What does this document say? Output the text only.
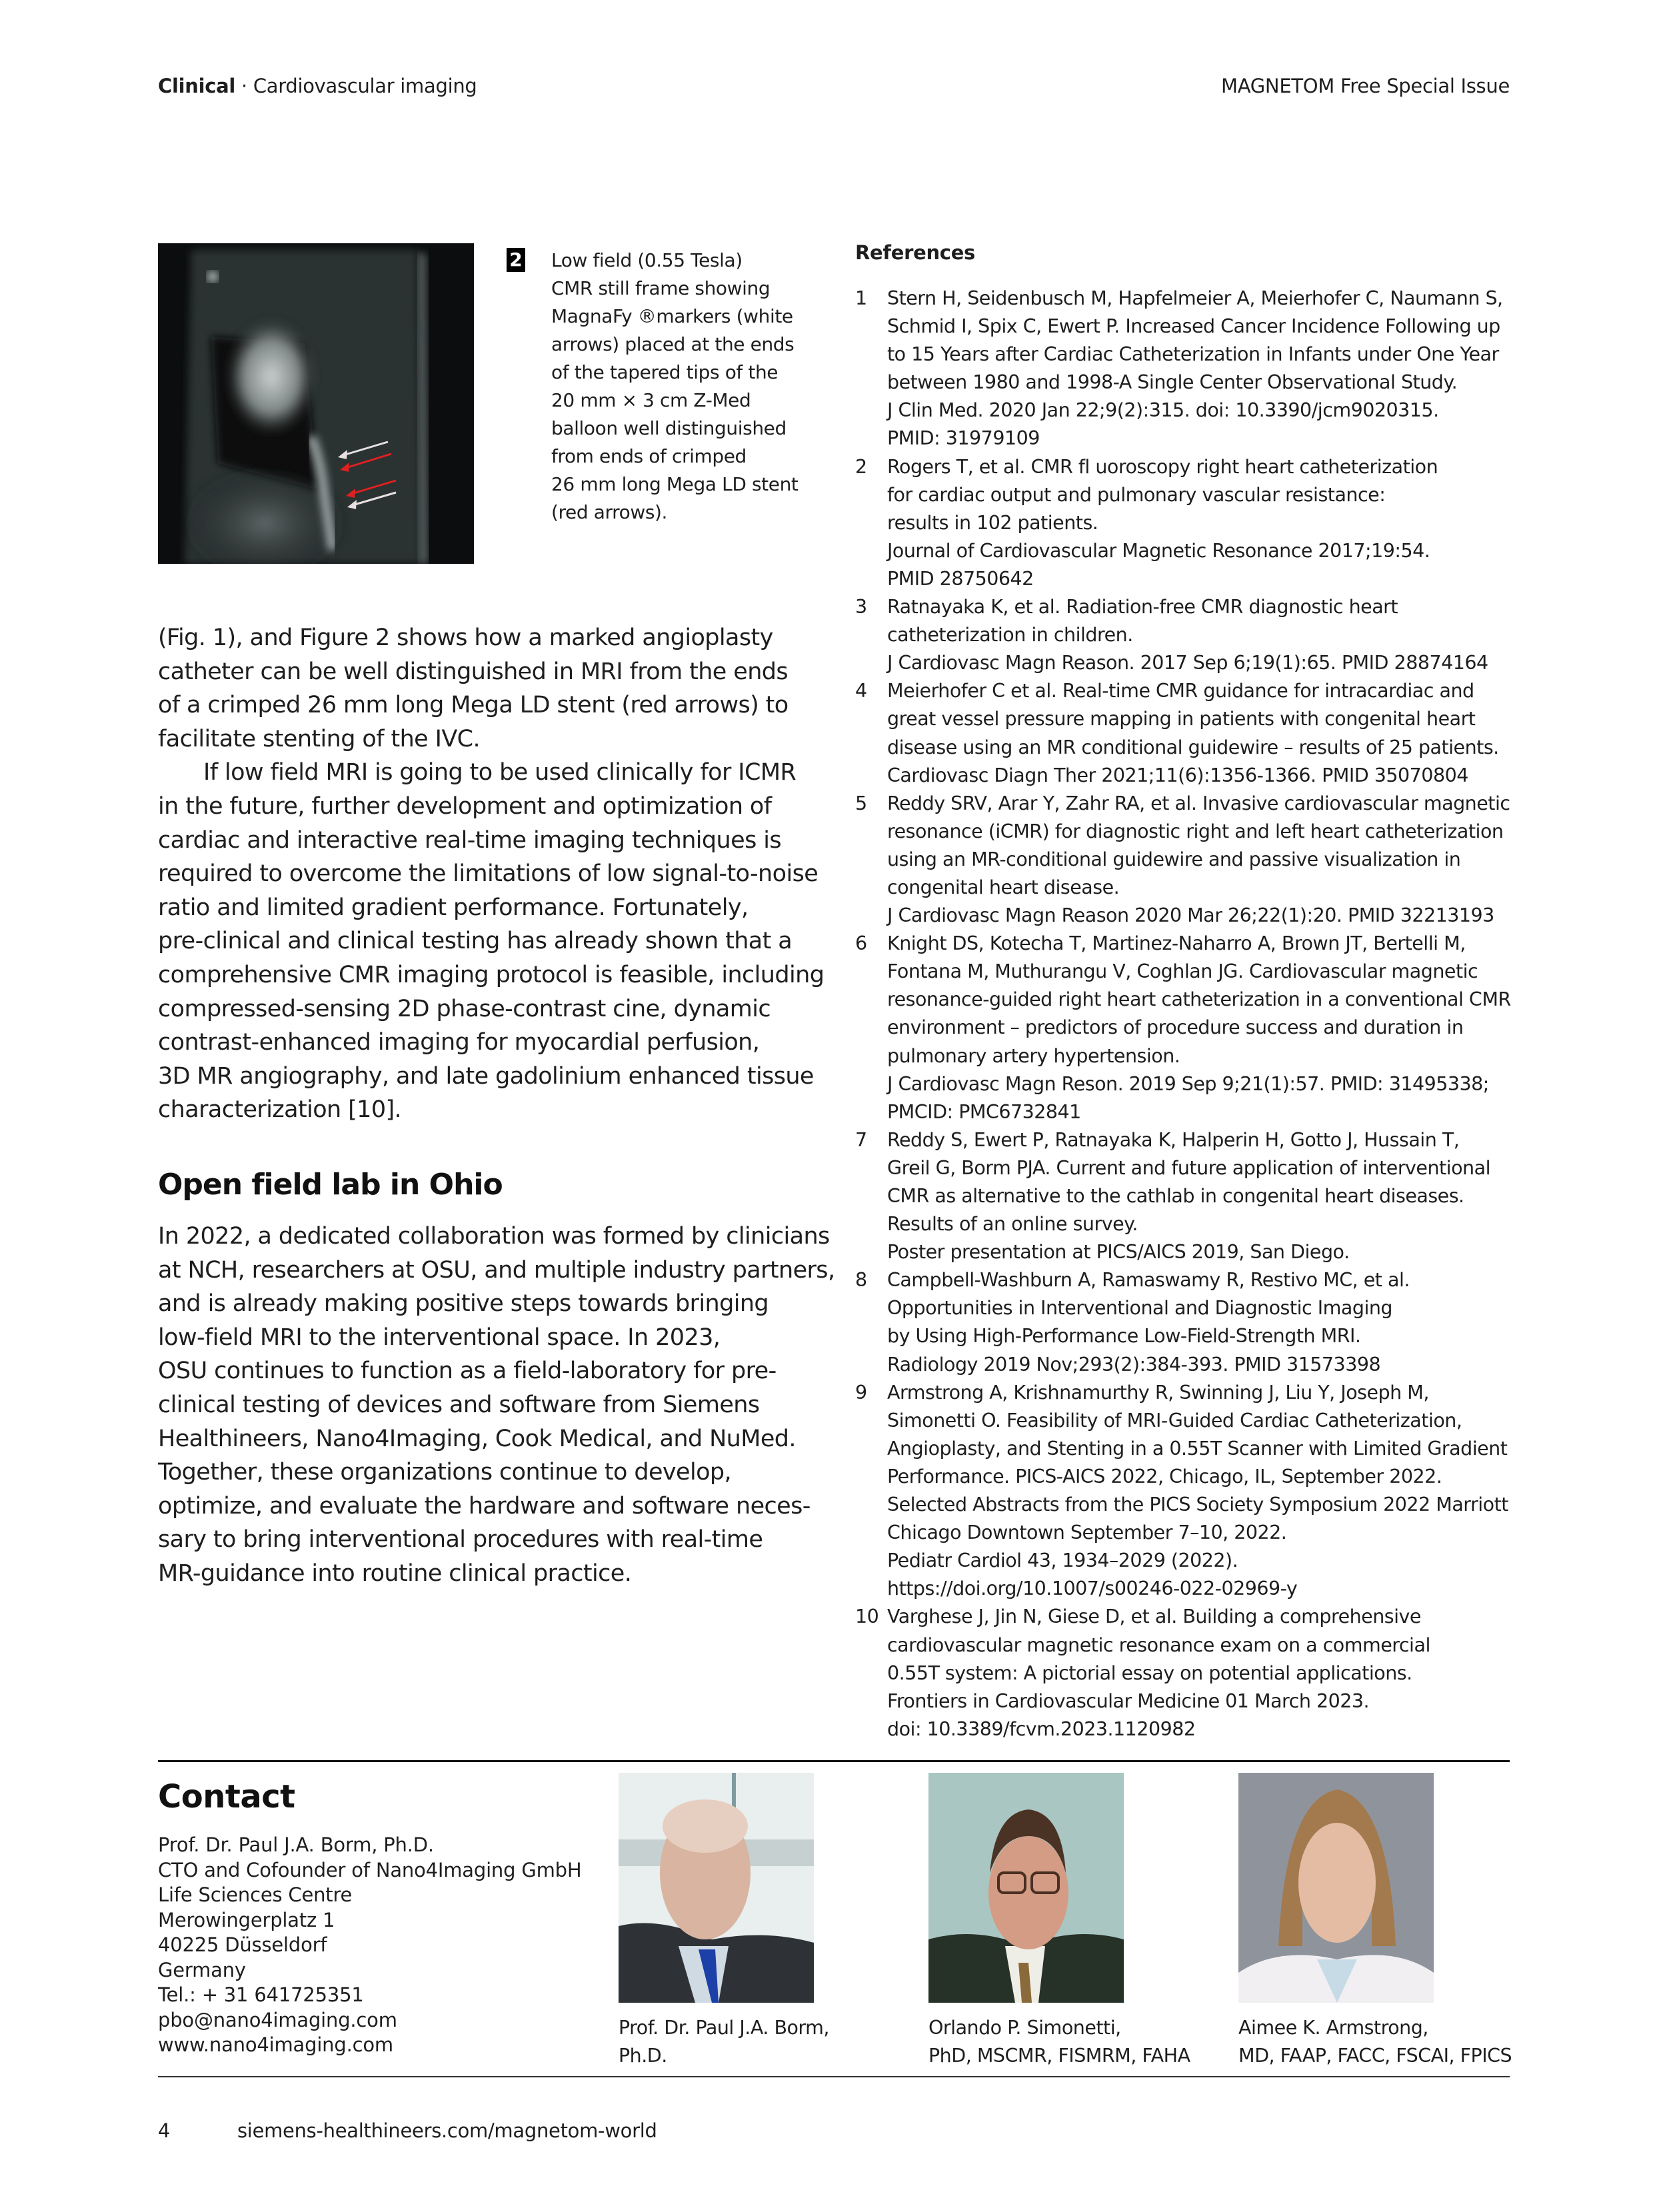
Clinical · Cardiovascular imaging	MAGNETOM Free Special Issue
2 Low field (0.55 Tesla)
CMR still frame showing
MagnaFy ®markers (white
arrows) placed at the ends
of the tapered tips of the
20 mm × 3 cm Z-Med
balloon well distinguished
from ends of crimped
26 mm long Mega LD stent
(red arrows).
(Fig. 1), and Figure 2 shows how a marked angioplasty
catheter can be well distinguished in MRI from the ends
of a crimped 26 mm long Mega LD stent (red arrows) to
facilitate stenting of the IVC.
If low field MRI is going to be used clinically for ICMR
in the future, further development and optimization of
cardiac and interactive real-time imaging techniques is
required to overcome the limitations of low signal-to-noise
ratio and limited gradient performance. Fortunately,
pre-clinical and clinical testing has already shown that a
comprehensive CMR imaging protocol is feasible, including
compressed-sensing 2D phase-contrast cine, dynamic
contrast-enhanced imaging for myocardial perfusion,
3D MR angiography, and late gadolinium enhanced tissue
characterization [10].
Open field lab in Ohio
In 2022, a dedicated collaboration was formed by clinicians
at NCH, researchers at OSU, and multiple industry partners,
and is already making positive steps towards bringing
low-field MRI to the interventional space. In 2023,
OSU continues to function as a field-laboratory for pre-
clinical testing of devices and software from Siemens
Healthineers, Nano4Imaging, Cook Medical, and NuMed.
Together, these organizations continue to develop,
optimize, and evaluate the hardware and software neces-
sary to bring interventional procedures with real-time
MR-guidance into routine clinical practice.
References
1 Stern H, Seidenbusch M, Hapfelmeier A, Meierhofer C, Naumann S,
Schmid I, Spix C, Ewert P. Increased Cancer Incidence Following up
to 15 Years after Cardiac Catheterization in Infants under One Year
between 1980 and 1998-A Single Center Observational Study.
J Clin Med. 2020 Jan 22;9(2):315. doi: 10.3390/jcm9020315.
PMID: 31979109
2 Rogers T, et al. CMR fl uoroscopy right heart catheterization
for cardiac output and pulmonary vascular resistance:
results in 102 patients.
Journal of Cardiovascular Magnetic Resonance 2017;19:54.
PMID 28750642
3 Ratnayaka K, et al. Radiation-free CMR diagnostic heart
catheterization in children.
J Cardiovasc Magn Reason. 2017 Sep 6;19(1):65. PMID 28874164
4 Meierhofer C et al. Real-time CMR guidance for intracardiac and
great vessel pressure mapping in patients with congenital heart
disease using an MR conditional guidewire – results of 25 patients.
Cardiovasc Diagn Ther 2021;11(6):1356-1366. PMID 35070804
5 Reddy SRV, Arar Y, Zahr RA, et al. Invasive cardiovascular magnetic
resonance (iCMR) for diagnostic right and left heart catheterization
using an MR-conditional guidewire and passive visualization in
congenital heart disease.
J Cardiovasc Magn Reason 2020 Mar 26;22(1):20. PMID 32213193
6 Knight DS, Kotecha T, Martinez-Naharro A, Brown JT, Bertelli M,
Fontana M, Muthurangu V, Coghlan JG. Cardiovascular magnetic
resonance-guided right heart catheterization in a conventional CMR
environment – predictors of procedure success and duration in
pulmonary artery hypertension.
J Cardiovasc Magn Reson. 2019 Sep 9;21(1):57. PMID: 31495338;
PMCID: PMC6732841
7 Reddy S, Ewert P, Ratnayaka K, Halperin H, Gotto J, Hussain T,
Greil G, Borm PJA. Current and future application of interventional
CMR as alternative to the cathlab in congenital heart diseases.
Results of an online survey.
Poster presentation at PICS/AICS 2019, San Diego.
8 Campbell-Washburn A, Ramaswamy R, Restivo MC, et al.
Opportunities in Interventional and Diagnostic Imaging
by Using High-Performance Low-Field-Strength MRI.
Radiology 2019 Nov;293(2):384-393. PMID 31573398
9 Armstrong A, Krishnamurthy R, Swinning J, Liu Y, Joseph M,
Simonetti O. Feasibility of MRI-Guided Cardiac Catheterization,
Angioplasty, and Stenting in a 0.55T Scanner with Limited Gradient
Performance. PICS-AICS 2022, Chicago, IL, September 2022.
Selected Abstracts from the PICS Society Symposium 2022 Marriott
Chicago Downtown September 7–10, 2022.
Pediatr Cardiol 43, 1934–2029 (2022).
https://doi.org/10.1007/s00246-022-02969-y
10 Varghese J, Jin N, Giese D, et al. Building a comprehensive
cardiovascular magnetic resonance exam on a commercial
0.55T system: A pictorial essay on potential applications.
Frontiers in Cardiovascular Medicine 01 March 2023.
doi: 10.3389/fcvm.2023.1120982
Contact
Prof. Dr. Paul J.A. Borm, Ph.D.
CTO and Cofounder of Nano4Imaging GmbH
Life Sciences Centre
Merowingerplatz 1
40225 Düsseldorf
Germany
Tel.: + 31 641725351
pbo@nano4imaging.com
www.nano4imaging.com
Prof. Dr. Paul J.A. Borm,
Ph.D.
Orlando P. Simonetti,
PhD, MSCMR, FISMRM, FAHA
Aimee K. Armstrong,
MD, FAAP, FACC, FSCAI, FPICS
4	siemens-healthineers.com/magnetom-world
